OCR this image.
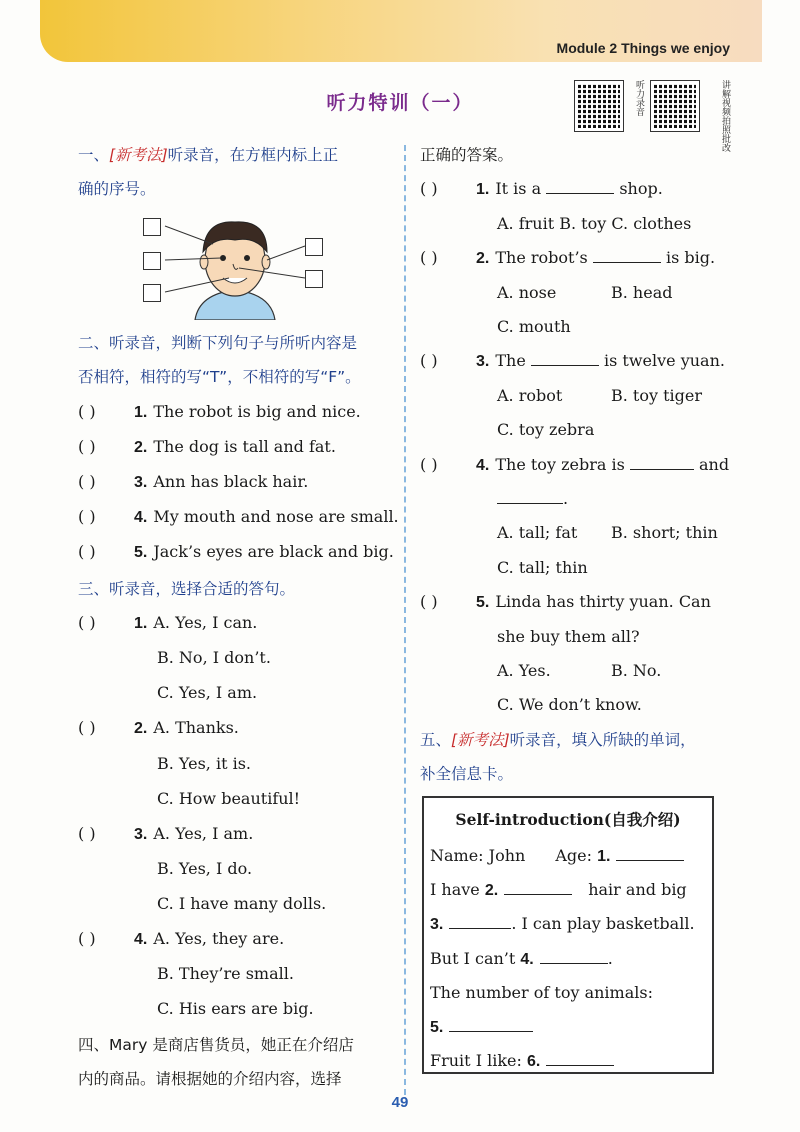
Module 2 Things we enjoy
听力特训（一）	听力录音	讲解视频拍照批改
一、[新考法]听录音，在方框内标上正
确的序号。
二、听录音，判断下列句子与所听内容是
否相符，相符的写“T”，不相符的写“F”。
( ) 1. The robot is big and nice.
( ) 2. The dog is tall and fat.
( ) 3. Ann has black hair.
( ) 4. My mouth and nose are small.
( ) 5. Jack’s eyes are black and big.
三、听录音，选择合适的答句。
( ) 1. A. Yes, I can.
B. No, I don’t.
C. Yes, I am.
( ) 2. A. Thanks.
B. Yes, it is.
C. How beautiful!
( ) 3. A. Yes, I am.
B. Yes, I do.
C. I have many dolls.
( ) 4. A. Yes, they are.
B. They’re small.
C. His ears are big.
四、Mary 是商店售货员，她正在介绍店
内的商品。请根据她的介绍内容，选择
正确的答案。
( ) 1. It is a	shop.
A. fruit B. toy C. clothes
( ) 2. The robot’s	is big.
A. nose	B. head
C. mouth
( ) 3. The	is twelve yuan.
A. robot	B. toy tiger
C. toy zebra
( ) 4. The toy zebra is	and
.
A. tall; fat B. short; thin
C. tall; thin
( ) 5. Linda has thirty yuan. Can
she buy them all?
A. Yes.	B. No.
C. We don’t know.
五、[新考法]听录音，填入所缺的单词，
补全信息卡。
Self-introduction(自我介绍)
Name: John Age: 1.
I have 2.	hair and big
3.	. I can play basketball.
But I can’t 4.	.
The number of toy animals:
5.
Fruit I like: 6.
49
